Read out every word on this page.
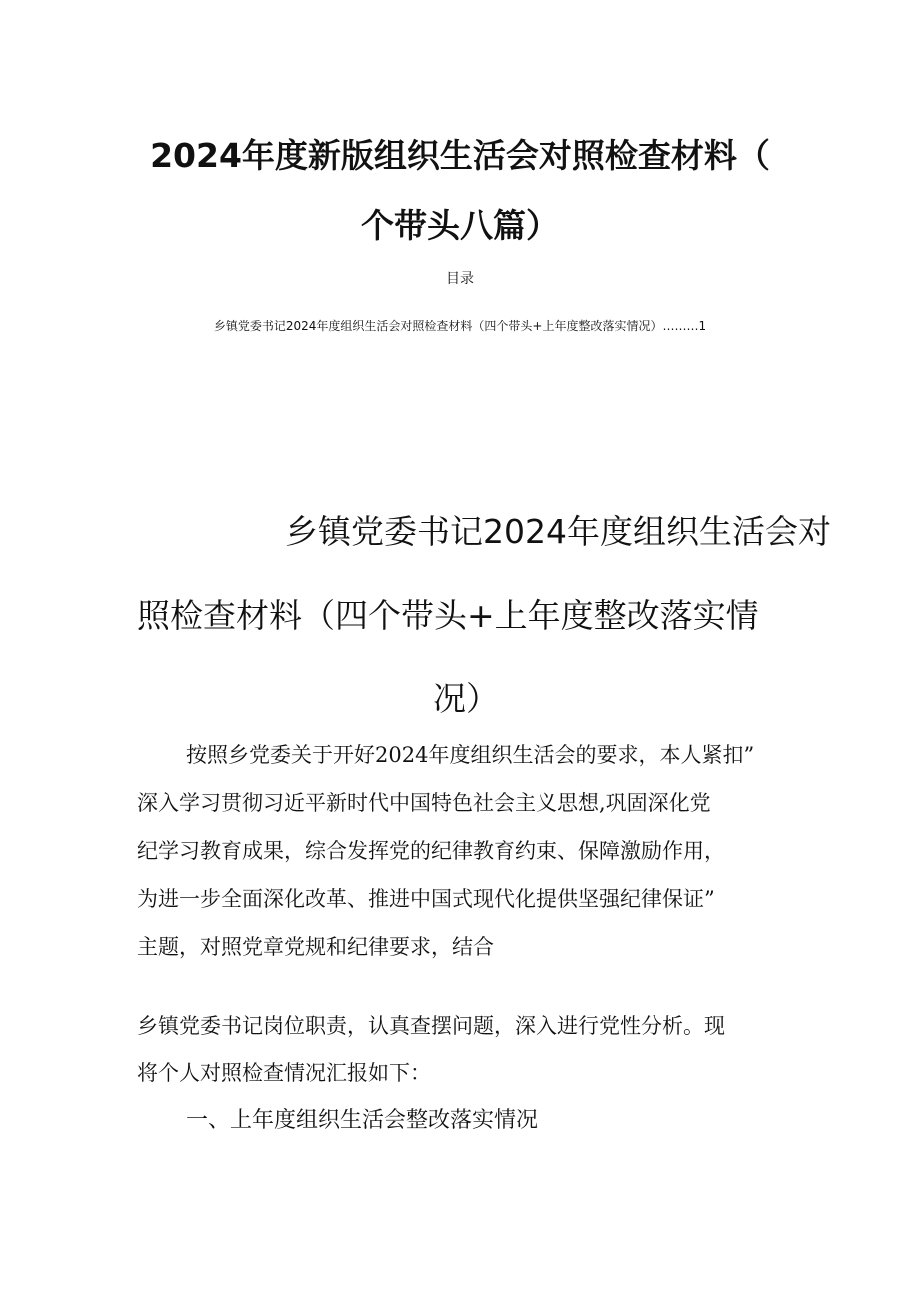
2024年度新版组织生活会对照检查材料（
个带头八篇）
目录
乡镇党委书记2024年度组织生活会对照检查材料（四个带头+上年度整改落实情况）………1
乡镇党委书记2024年度组织生活会对
照检查材料（四个带头+上年度整改落实情
况）
按照乡党委关于开好2024年度组织生活会的要求，本人紧扣”
深入学习贯彻习近平新时代中国特色社会主义思想,巩固深化党
纪学习教育成果，综合发挥党的纪律教育约束、保障激励作用，
为进一步全面深化改革、推进中国式现代化提供坚强纪律保证”
主题，对照党章党规和纪律要求，结合
乡镇党委书记岗位职责，认真查摆问题，深入进行党性分析。现
将个人对照检查情况汇报如下：
一、上年度组织生活会整改落实情况
